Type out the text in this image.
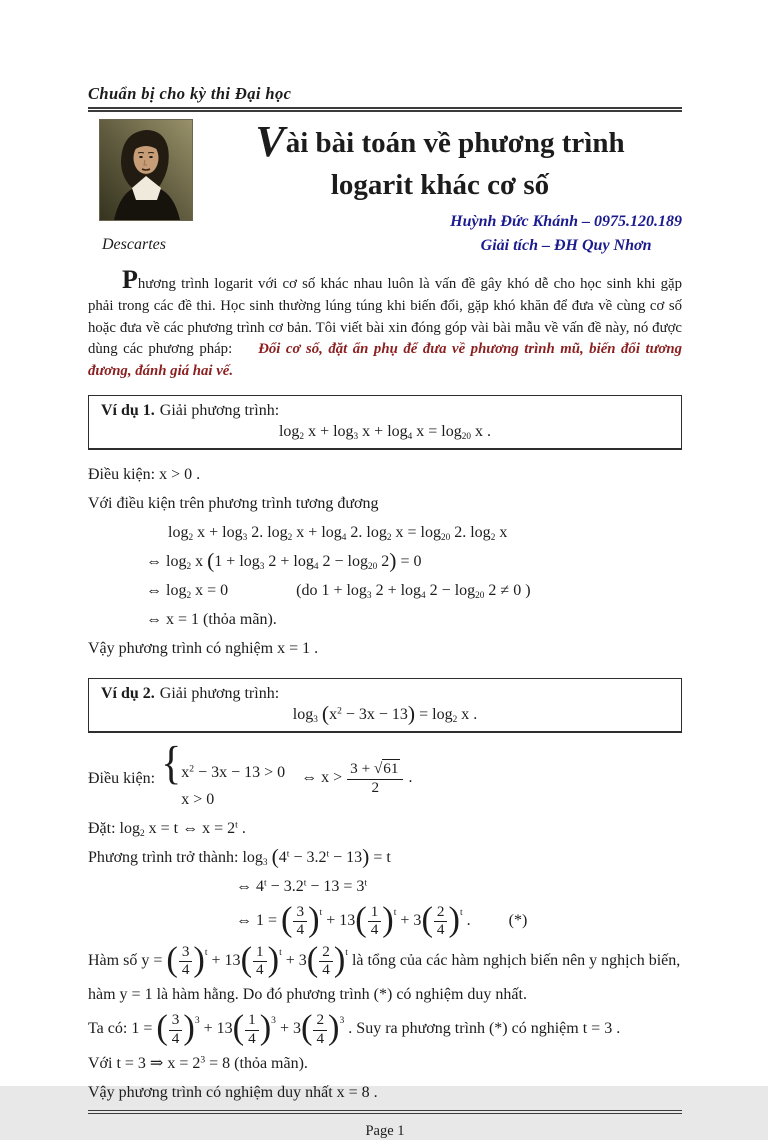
Chuẩn bị cho kỳ thi Đại học
Descartes
Vài bài toán về phương trình
logarit khác cơ số
Huỳnh Đức Khánh – 0975.120.189
Giải tích – ĐH Quy Nhơn

Phương trình logarit với cơ số khác nhau luôn là vấn đề gây khó dễ cho học sinh khi gặp phải trong các đề thi. Học sinh thường lúng túng khi biến đổi, gặp khó khăn để đưa về cùng cơ số hoặc đưa về các phương trình cơ bản. Tôi viết bài xin đóng góp vài bài mẫu về vấn đề này, nó được dùng các phương pháp: Đổi cơ số, đặt ẩn phụ để đưa về phương trình mũ, biến đổi tương đương, đánh giá hai vế.

Ví dụ 1. Giải phương trình:
$\log_2 x + \log_3 x + \log_4 x = \log_{20} x$ .
Điều kiện: x > 0 .
Với điều kiện trên phương trình tương đương
$\log_2 x + \log_3 2$. $\log_2 x + \log_4 2$. $\log_2 x = \log_{20} 2$. $\log_2 x$
⇔ $\log_2 x$ $(1 + \log_3 2 + \log_4 2 - \log_{20} 2) = 0$
⇔ $\log_2 x = 0$	(do $1 + \log_3 2 + \log_4 2 - \log_{20} 2 \ne 0$ )
⇔ x = 1 (thỏa mãn).
Vậy phương trình có nghiệm x = 1 .
Ví dụ 2. Giải phương trình:
$\log_3 (x^2 - 3x - 13) = \log_2 x$ .
Điều kiện: { $x^2 - 3x - 13 > 0$
x > 0
⇔ $x > \frac{3 + √61}{2}$ .
Đặt: $\log_2 x = t$ ⇔ $x = 2^t$ .
Phương trình trở thành: $\log_3 (4^t - 3.2^t - 13) = t$
⇔ $4^t - 3.2^t - 13 = 3^t$
⇔ 1 = ( $\frac{3}{4} )^t + 13( \frac{1}{4} )^t + 3( \frac{2}{4} )^t$ . (*)
Hàm số y = ( $\frac{3}{4} )^t + 13( \frac{1}{4} )^t + 3( \frac{2}{4} )^t$ là tổng của các hàm nghịch biến nên y nghịch biến,
hàm y = 1 là hàm hằng. Do đó phương trình (*) có nghiệm duy nhất.
Ta có: 1 = ( $\frac{3}{4} )^3 + 13( \frac{1}{4} )^3 + 3( \frac{2}{4} )^3$ . Suy ra phương trình (*) có nghiệm t = 3 .
Với t = 3 ⇒ $x = 2^3 = 8$ (thỏa mãn).
Vậy phương trình có nghiệm duy nhất x = 8 .
Page 1
